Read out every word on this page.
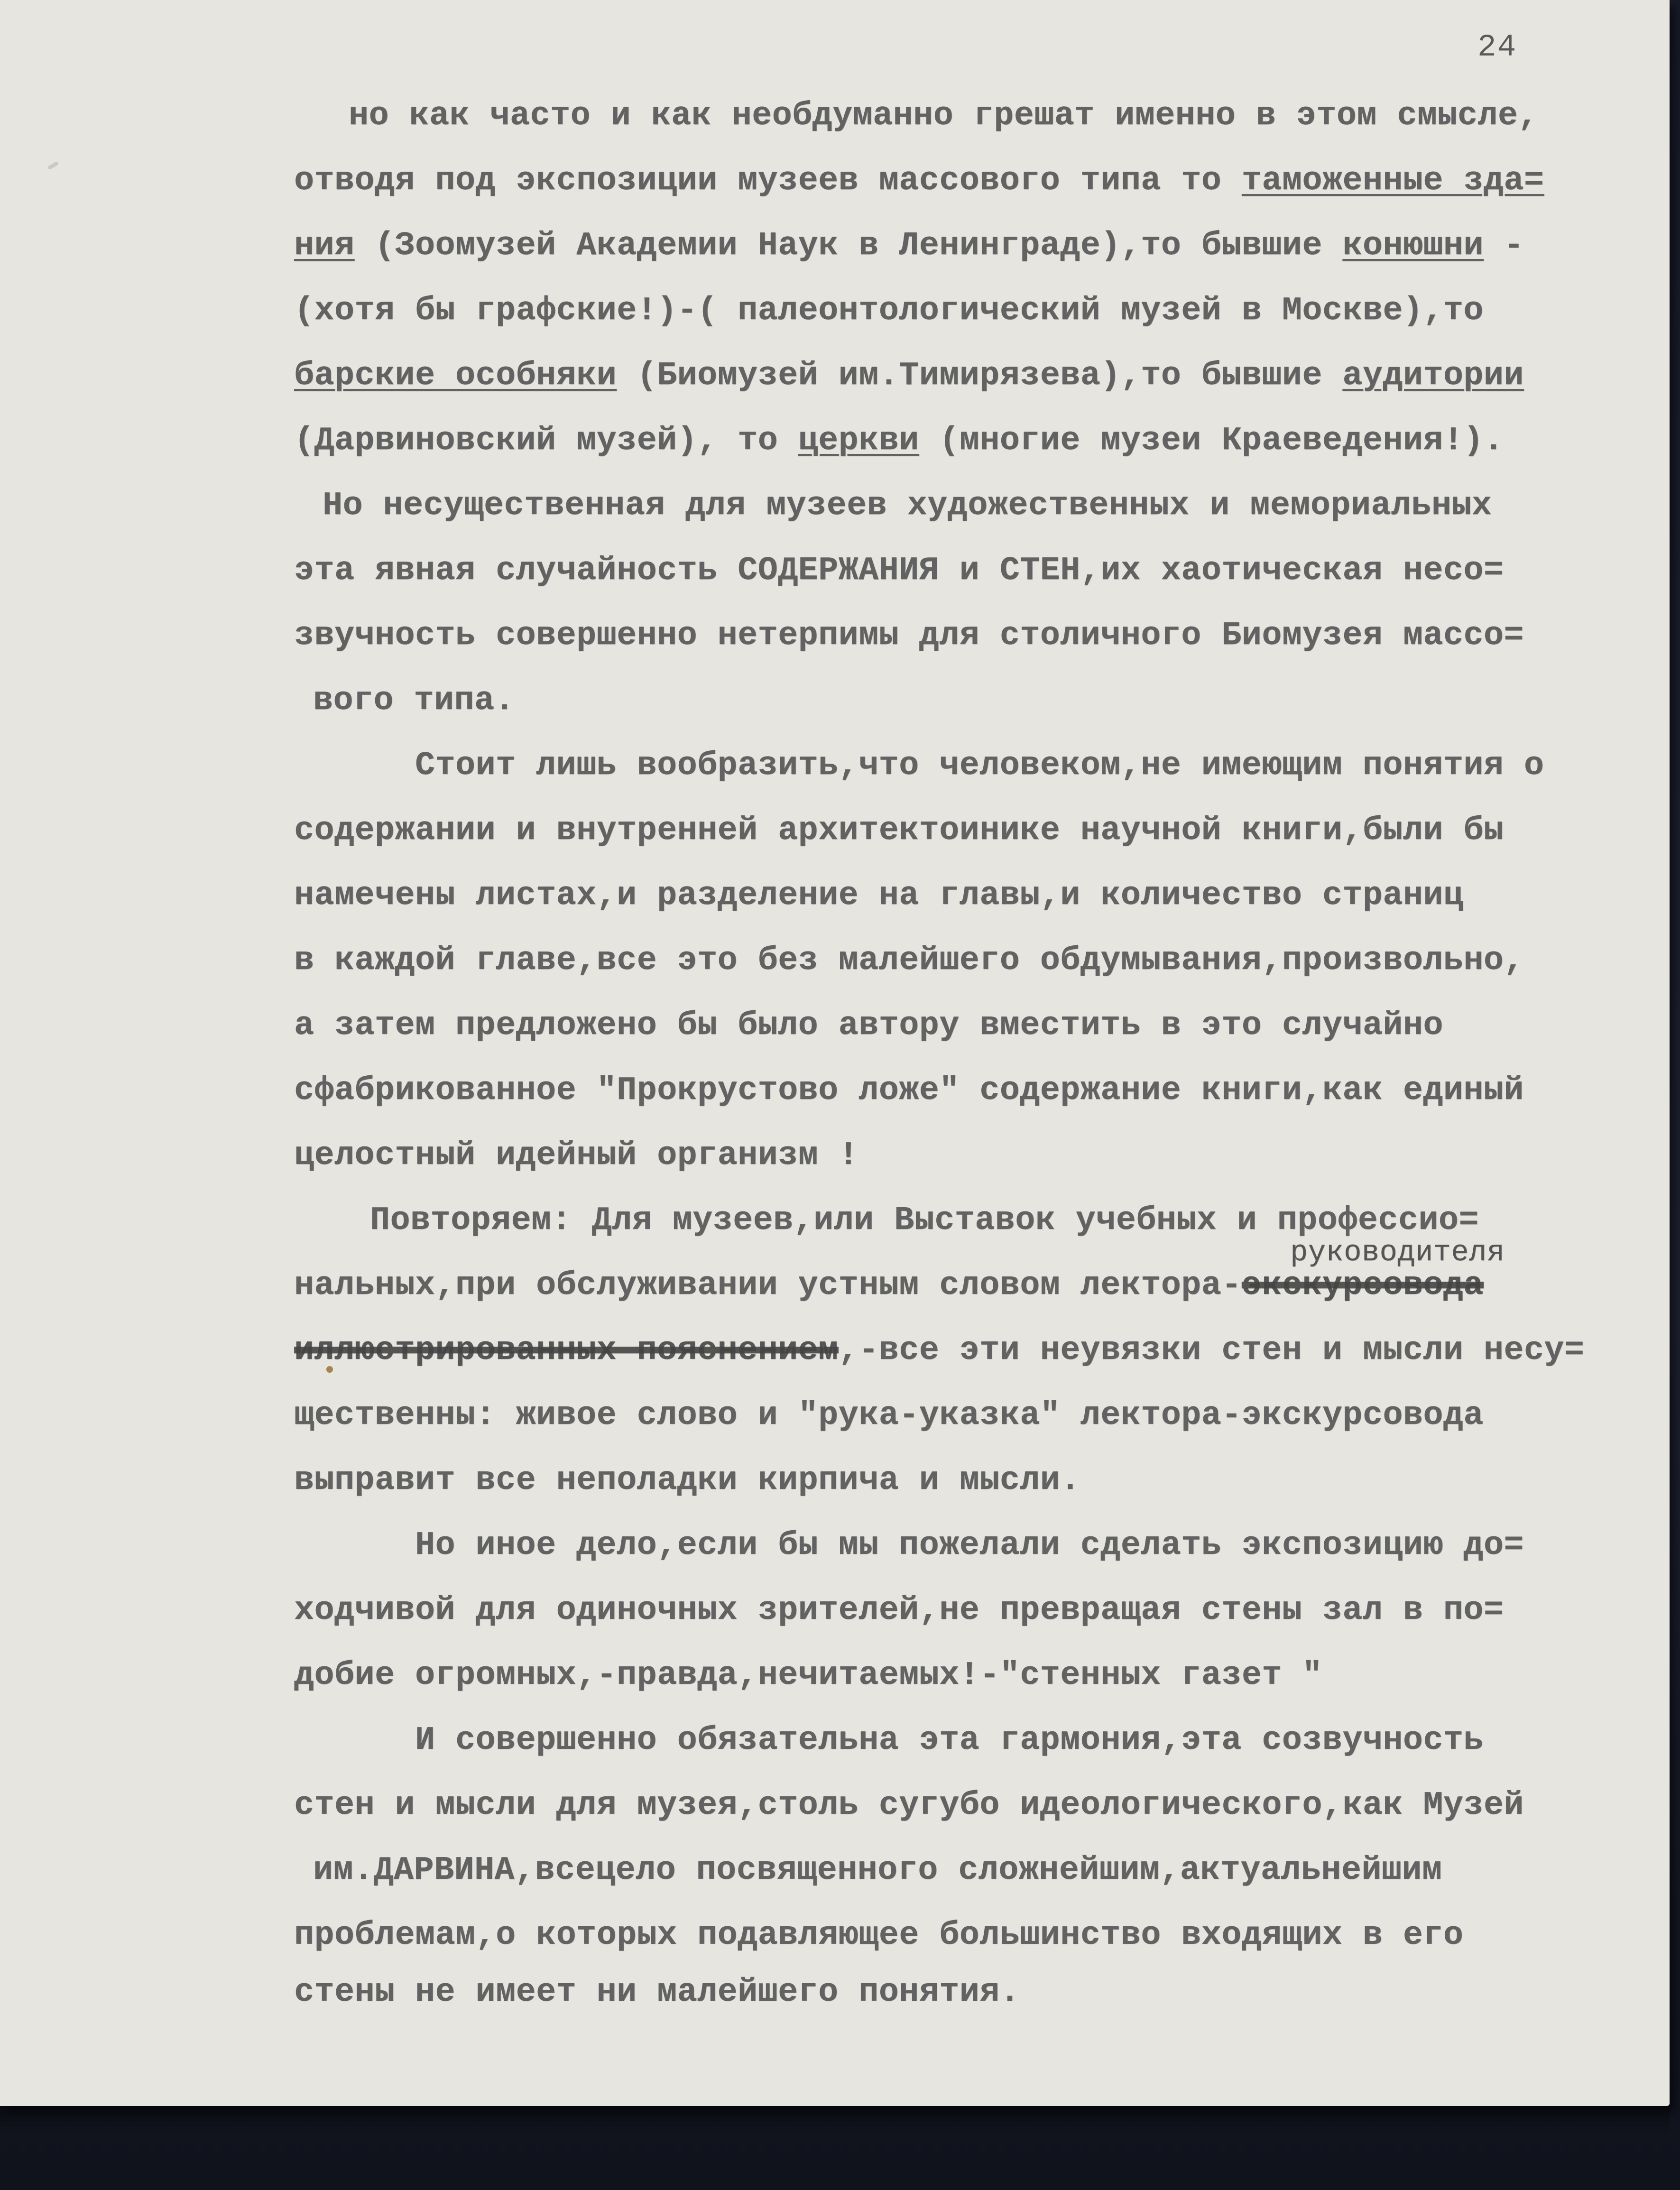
24
но как часто и как необдуманно грешат именно в этом смысле,
отводя под экспозиции музеев массового типа то таможенные зда=
ния (Зоомузей Академии Наук в Ленинграде),то бывшие конюшни -
(хотя бы графские!)-( палеонтологический музей в Москве),то
барские особняки (Биомузей им.Тимирязева),то бывшие аудитории
(Дарвиновский музей), то церкви (многие музеи Краеведения!).
Но несущественная для музеев художественных и мемориальных
эта явная случайность СОДЕРЖАНИЯ и СТЕН,их хаотическая несо=
звучность совершенно нетерпимы для столичного Биомузея массо=
вого типа.
Стоит лишь вообразить,что человеком,не имеющим понятия о
содержании и внутренней архитектоинике научной книги,были бы
намечены листах,и разделение на главы,и количество страниц
в каждой главе,все это без малейшего обдумывания,произвольно,
а затем предложено бы было автору вместить в это случайно
сфабрикованное "Прокрустово ложе" содержание книги,как единый
целостный идейный организм !
Повторяем: Для музеев,или Выставок учебных и профессио=
нальных,при обслуживании устным словом лектора-экскурсовода
руководителя
иллюстрированных пояснением,-все эти неувязки стен и мысли несу=
щественны: живое слово и "рука-указка" лектора-экскурсовода
выправит все неполадки кирпича и мысли.
Но иное дело,если бы мы пожелали сделать экспозицию до=
ходчивой для одиночных зрителей,не превращая стены зал в по=
добие огромных,-правда,нечитаемых!-"стенных газет "
И совершенно обязательна эта гармония,эта созвучность
стен и мысли для музея,столь сугубо идеологического,как Музей
им.ДАРВИНА,всецело посвященного сложнейшим,актуальнейшим
проблемам,о которых подавляющее большинство входящих в его
стены не имеет ни малейшего понятия.
